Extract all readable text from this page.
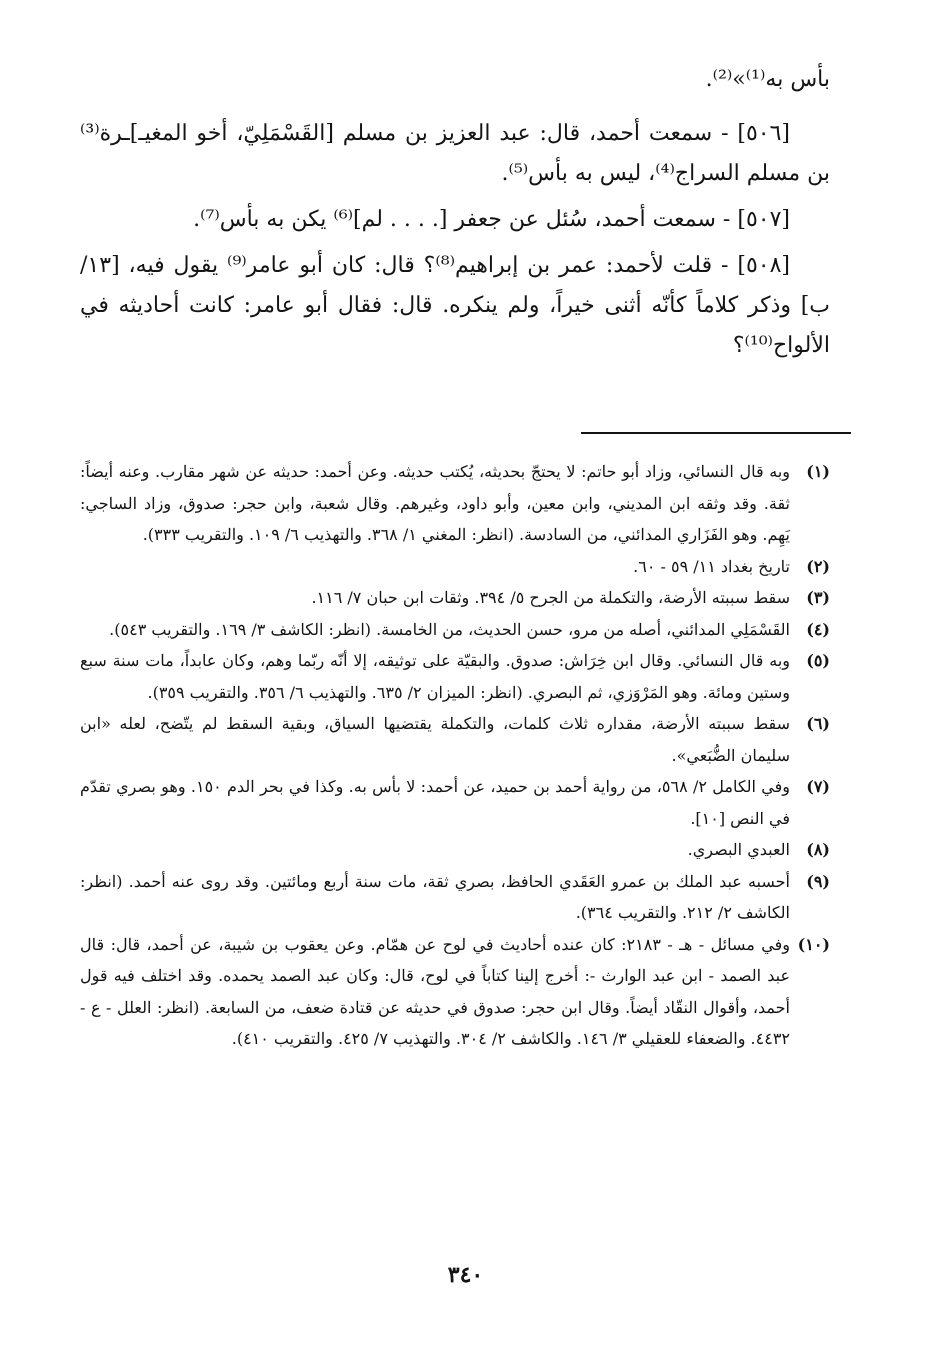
بأس به⁽¹⁾»⁽²⁾.

[٥٠٦] - سمعت أحمد، قال: عبد العزيز بن مسلم [القَسْمَلِيّ، أخو المغيـ]ـرة⁽³⁾ بن مسلم السراج⁽⁴⁾، ليس به بأس⁽⁵⁾.

[٥٠٧] - سمعت أحمد، سُئل عن جعفر [. . . . لم]⁽⁶⁾ يكن به بأس⁽⁷⁾.

[٥٠٨] - قلت لأحمد: عمر بن إبراهيم⁽⁸⁾؟ قال: كان أبو عامر⁽⁹⁾ يقول فيه، [١٣/ب] وذكر كلاماً كأنّه أثنى خيراً، ولم ينكره. قال: فقال أبو عامر: كانت أحاديثه في الألواح⁽¹⁰⁾؟

(١)
وبه قال النسائي، وزاد أبو حاتم: لا يحتجّ بحديثه، يُكتب حديثه. وعن أحمد: حديثه عن شهر مقارب. وعنه أيضاً: ثقة. وقد وثقه ابن المديني، وابن معين، وأبو داود، وغيرهم. وقال شعبة، وابن حجر: صدوق، وزاد الساجي: يَهِم. وهو الفَزَاري المدائني، من السادسة. (انظر: المغني ١/ ٣٦٨. والتهذيب ٦/ ١٠٩. والتقريب ٣٣٣).
(٢)
تاريخ بغداد ١١/ ٥٩ - ٦٠.
(٣)
سقط سببته الأرضة، والتكملة من الجرح ٥/ ٣٩٤. وثقات ابن حبان ٧/ ١١٦.
(٤)
القَسْمَلِي المدائني، أصله من مرو، حسن الحديث، من الخامسة. (انظر: الكاشف ٣/ ١٦٩. والتقريب ٥٤٣).
(٥)
وبه قال النسائي. وقال ابن خِرَاش: صدوق. والبقيّة على توثيقه، إلا أنّه ربّما وهم، وكان عابداً، مات سنة سبع وستين ومائة. وهو المَرْوَزي، ثم البصري. (انظر: الميزان ٢/ ٦٣٥. والتهذيب ٦/ ٣٥٦. والتقريب ٣٥٩).
(٦)
سقط سببته الأرضة، مقداره ثلاث كلمات، والتكملة يقتضيها السياق، وبقية السقط لم يتّضح، لعله «ابن سليمان الضُّبَعي».
(٧)
وفي الكامل ٢/ ٥٦٨، من رواية أحمد بن حميد، عن أحمد: لا بأس به. وكذا في بحر الدم ١٥٠. وهو بصري تقدّم في النص [١٠].
(٨)
العبدي البصري.
(٩)
أحسبه عبد الملك بن عمرو العَقَدي الحافظ، بصري ثقة، مات سنة أربع ومائتين. وقد روى عنه أحمد. (انظر: الكاشف ٢/ ٢١٢. والتقريب ٣٦٤).
(١٠)
وفي مسائل - هـ - ٢١٨٣: كان عنده أحاديث في لوح عن همّام. وعن يعقوب بن شيبة، عن أحمد، قال: قال عبد الصمد - ابن عبد الوارث -: أخرج إلينا كتاباً في لوح، قال: وكان عبد الصمد يحمده. وقد اختلف فيه قول أحمد، وأقوال النقّاد أيضاً. وقال ابن حجر: صدوق في حديثه عن قتادة ضعف، من السابعة. (انظر: العلل - ع - ٤٤٣٢. والضعفاء للعقيلي ٣/ ١٤٦. والكاشف ٢/ ٣٠٤. والتهذيب ٧/ ٤٢٥. والتقريب ٤١٠).
٣٤٠
